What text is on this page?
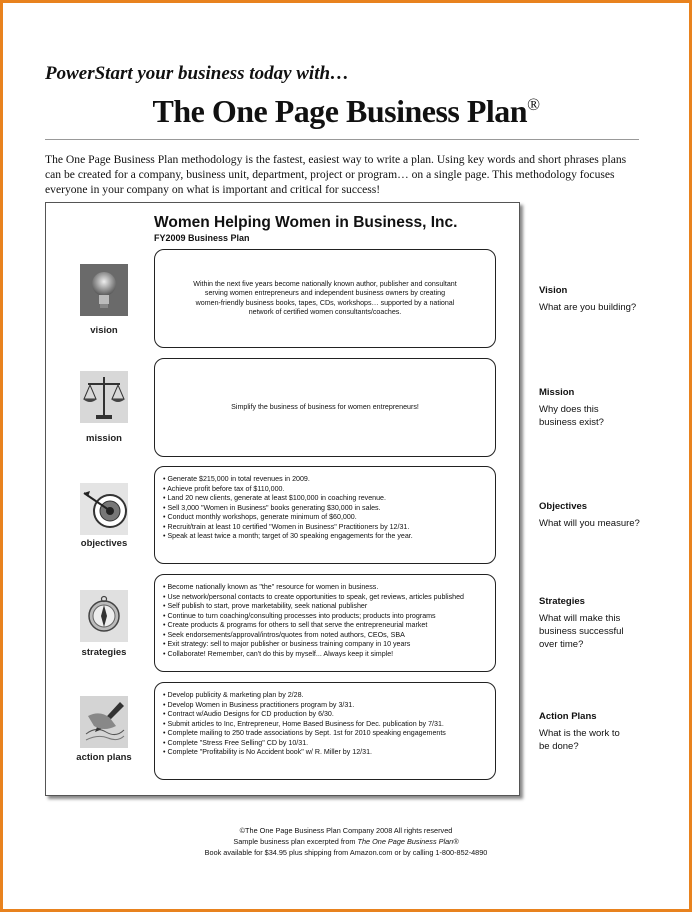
PowerStart your business today with…
The One Page Business Plan®
The One Page Business Plan methodology is the fastest, easiest way to write a plan. Using key words and short phrases plans can be created for a company, business unit, department, project or program… on a single page. This methodology focuses everyone in your company on what is important and critical for success!
Women Helping Women in Business, Inc.
FY2009 Business Plan
vision
Within the next five years become nationally known author, publisher and consultant
serving women entrepreneurs and independent business owners by creating
women-friendly business books, tapes, CDs, workshops… supported by a national
network of certified women consultants/coaches.
mission
Simplify the business of business for women entrepreneurs!
objectives
• Generate $215,000 in total revenues in 2009.
• Achieve profit before tax of $110,000.
• Land 20 new clients, generate at least $100,000 in coaching revenue.
• Sell 3,000 "Women in Business" books generating $30,000 in sales.
• Conduct monthly workshops, generate minimum of $60,000.
• Recruit/train at least 10 certified "Women in Business" Practitioners by 12/31.
• Speak at least twice a month; target of 30 speaking engagements for the year.
strategies
• Become nationally known as "the" resource for women in business.
• Use network/personal contacts to create opportunities to speak, get reviews, articles published
• Self publish to start, prove marketability, seek national publisher
• Continue to turn coaching/consulting processes into products; products into programs
• Create products & programs for others to sell that serve the entrepreneurial market
• Seek endorsements/approval/intros/quotes from noted authors, CEOs, SBA
• Exit strategy: sell to major publisher or business training company in 10 years
• Collaborate! Remember, can't do this by myself... Always keep it simple!
action plans
• Develop publicity & marketing plan by 2/28.
• Develop Women in Business practitioners program by 3/31.
• Contract w/Audio Designs for CD production by 6/30.
• Submit articles to Inc, Entrepreneur, Home Based Business for Dec. publication by 7/31.
• Complete mailing to 250 trade associations by Sept. 1st for 2010 speaking engagements
• Complete "Stress Free Selling" CD by 10/31.
• Complete "Profitability is No Accident book" w/ R. Miller by 12/31.
Vision
What are you building?
Mission
Why does this business exist?
Objectives
What will you measure?
Strategies
What will make this business successful over time?
Action Plans
What is the work to be done?
©The One Page Business Plan Company 2008 All rights reserved
Sample business plan excerpted from The One Page Business Plan®
Book available for $34.95 plus shipping from Amazon.com or by calling 1-800-852-4890
